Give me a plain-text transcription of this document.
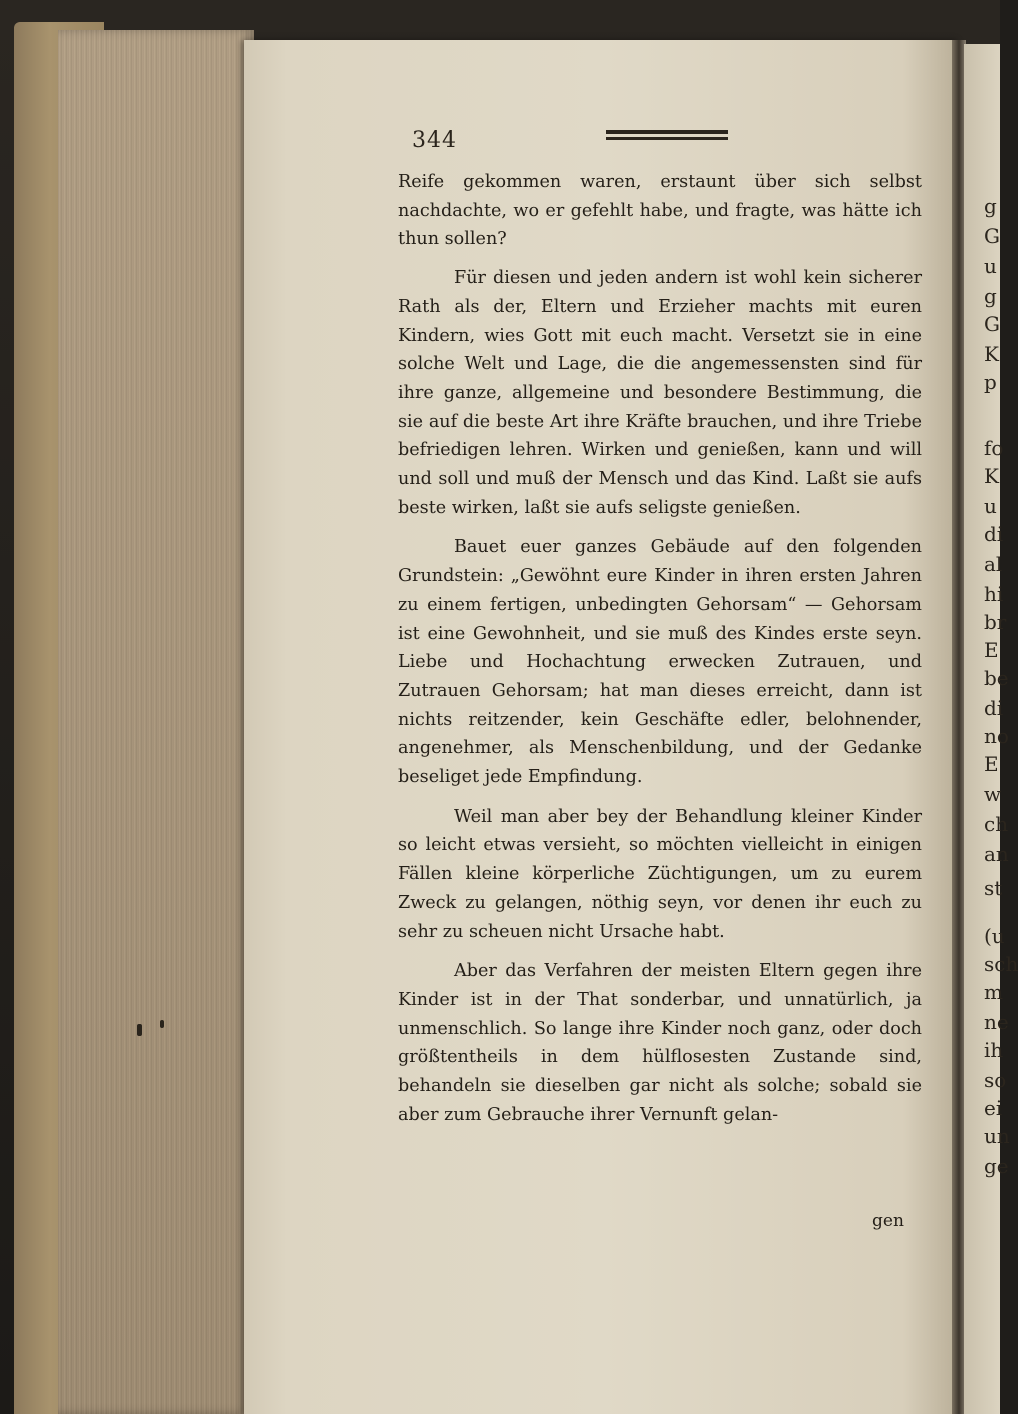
344

Reife gekommen waren, erstaunt über sich selbst nachdachte, wo er gefehlt habe, und fragte, was hätte ich thun sollen?

Für diesen und jeden andern ist wohl kein sicherer Rath als der, Eltern und Erzieher machts mit euren Kindern, wies Gott mit euch macht. Versetzt sie in eine solche Welt und Lage, die die angemessensten sind für ihre ganze, allgemeine und besondere Bestimmung, die sie auf die beste Art ihre Kräfte brauchen, und ihre Triebe befriedigen lehren. Wirken und genießen, kann und will und soll und muß der Mensch und das Kind. Laßt sie aufs beste wirken, laßt sie aufs seligste genießen.

Bauet euer ganzes Gebäude auf den folgenden Grundstein: „Gewöhnt eure Kinder in ihren ersten Jahren zu einem fertigen, unbedingten Gehorsam“ — Gehorsam ist eine Gewohnheit, und sie muß des Kindes erste seyn. Liebe und Hochachtung erwecken Zutrauen, und Zutrauen Gehorsam; hat man dieses erreicht, dann ist nichts reitzender, kein Geschäfte edler, belohnender, angenehmer, als Menschenbildung, und der Gedanke beseliget jede Empfindung.

Weil man aber bey der Behandlung kleiner Kinder so leicht etwas versieht, so möchten vielleicht in einigen Fällen kleine körperliche Züchtigungen, um zu eurem Zweck zu gelangen, nöthig seyn, vor denen ihr euch zu sehr zu scheuen nicht Ursache habt.

Aber das Verfahren der meisten Eltern gegen ihre Kinder ist in der That sonderbar, und unnatürlich, ja unmenschlich. So lange ihre Kinder noch ganz, oder doch größtentheils in dem hülflosesten Zustande sind, behandeln sie dieselben gar nicht als solche; sobald sie aber zum Gebrauche ihrer Vernunft gelan-

gen
g
G
u
g
G
K
p
fo
K
u
di
al
hi
br
E
be
di
no
E
w
ch
an
st
(u
sch
m
ne
ih
so
ei
un
ge
